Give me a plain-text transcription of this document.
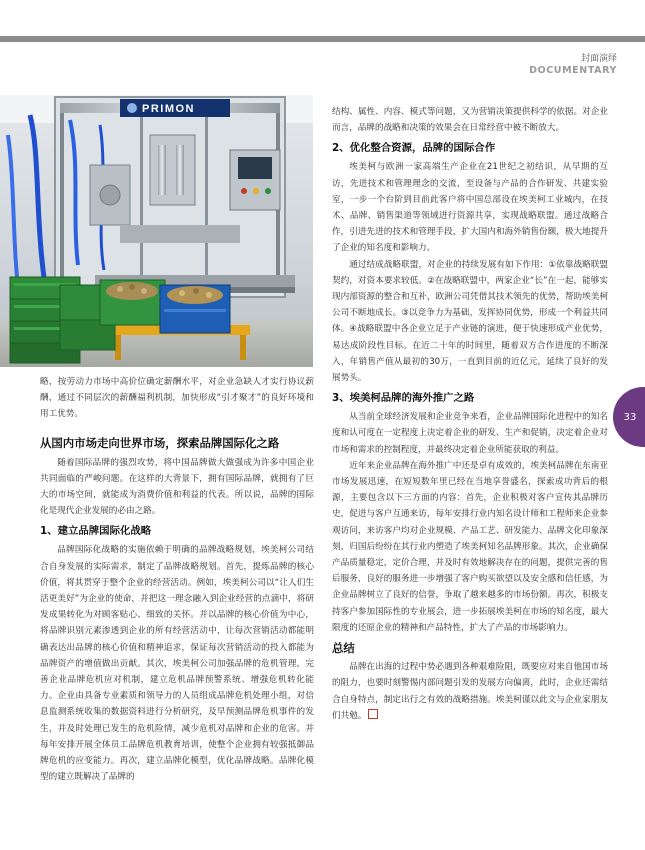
封面演绎
DOCUMENTARY
PRIMON

略，按劳动力市场中高价位确定薪酬水平，对企业急缺人才实行协议薪酬，通过不同层次的薪酬福利机制，加快形成“引才聚才”的良好环境和用工优势。

从国内市场走向世界市场，探索品牌国际化之路

随着国际品牌的强烈攻势，将中国品牌做大做强成为许多中国企业共同面临的严峻问题。在这样的大背景下，拥有国际品牌，就拥有了巨大的市场空间，就能成为消费价值和利益的代表。所以说，品牌的国际化是现代企业发展的必由之路。

1、建立品牌国际化战略

品牌国际化战略的实施依赖于明确的品牌战略规划，埃美柯公司结合自身发展的实际需求，制定了品牌战略规划。首先，提炼品牌的核心价值，将其贯穿于整个企业的经营活动。例如，埃美柯公司以“让人们生活更美好”为企业的使命，并把这一理念融入到企业经营的点滴中，将研发成果转化为对顾客贴心、细致的关怀。并以品牌的核心价值为中心，将品牌识别元素渗透到企业的所有经营活动中，让每次营销活动都能明确表达出品牌的核心价值和精神追求，保证每次营销活动的投入都能为品牌资产的增值做出贡献。其次，埃美柯公司加强品牌的危机管理，完善企业品牌危机应对机制，建立危机品牌预警系统、增强危机转化能力。企业由具备专业素质和领导力的人员组成品牌危机处理小组，对信息监测系统收集的数据资料进行分析研究，及早预测品牌危机事件的发生，并及时处理已发生的危机险情，减少危机对品牌和企业的危害。并每年安排开展全体员工品牌危机教育培训，使整个企业拥有较强抵御品牌危机的应变能力。再次，建立品牌化模型，优化品牌战略。品牌化模型的建立既解决了品牌的

结构、属性、内容、模式等问题，又为营销决策提供科学的依据。对企业而言，品牌的战略和决策的效果会在日常经营中被不断放大。

2、优化整合资源，品牌的国际合作

埃美柯与欧洲一家高端生产企业在21世纪之初结识，从早期的互访，先进技术和管理理念的交流，至设备与产品的合作研发、共建实验室，一步一个台阶到目前此客户将中国总部设在埃美柯工业城内，在技术、品牌、销售渠道等领域进行资源共享，实现战略联盟。通过战略合作，引进先进的技术和管理手段，扩大国内和海外销售份额，极大地提升了企业的知名度和影响力。

通过结成战略联盟，对企业的持续发展有如下作用：①依靠战略联盟契约，对资本要求较低。②在战略联盟中，两家企业“长”在一起，能够实现内部资源的整合和互补，欧洲公司凭借其技术领先的优势，帮助埃美柯公司不断地成长。③以竞争力为基础，发挥协同优势，形成一个利益共同体。④战略联盟中各企业立足于产业链的演进，便于快速形成产业优势，易达成阶段性目标。在近二十年的时间里，随着双方合作进度的不断深入，年销售产值从最初的30万，一直到目前的近亿元，延续了良好的发展势头。

3、埃美柯品牌的海外推广之路

从当前全球经济发展和企业竞争来看，企业品牌国际化进程中的知名度和认可度在一定程度上决定着企业的研发、生产和促销，决定着企业对市场和需求的控制程度，并最终决定着企业所能获取的利益。

近年来企业品牌在海外推广中还是卓有成效的，埃美柯品牌在东南亚市场发展迅速，在短短数年里已经在当地享誉盛名，探索成功背后的根源，主要包含以下三方面的内容：首先，企业积极对客户宣传其品牌历史，促进与客户互通来访，每年安排行业内知名设计师和工程师来企业参观访问，来访客户均对企业规模、产品工艺、研发能力、品牌文化印象深刻，归国后纷纷在其行业内塑造了埃美柯知名品牌形象。其次，企业确保产品质量稳定，定价合理，并及时有效地解决存在的问题，提供完善的售后服务，良好的服务进一步增强了客户购买欲望以及安全感和信任感，为企业品牌树立了良好的信誉，争取了越来越多的市场份额。再次，积极支持客户参加国际性的专业展会，进一步拓展埃美柯在市场的知名度，最大限度的还原企业的精神和产品特性，扩大了产品的市场影响力。

总结

品牌在出海的过程中势必遇到各种艰难险阻，既要应对来自他国市场的阻力，也要时刻警惕内部问题引发的发展方向偏离，此时，企业还需结合自身特点，制定出行之有效的战略措施。埃美柯谨以此文与企业家朋友们共勉。

33
